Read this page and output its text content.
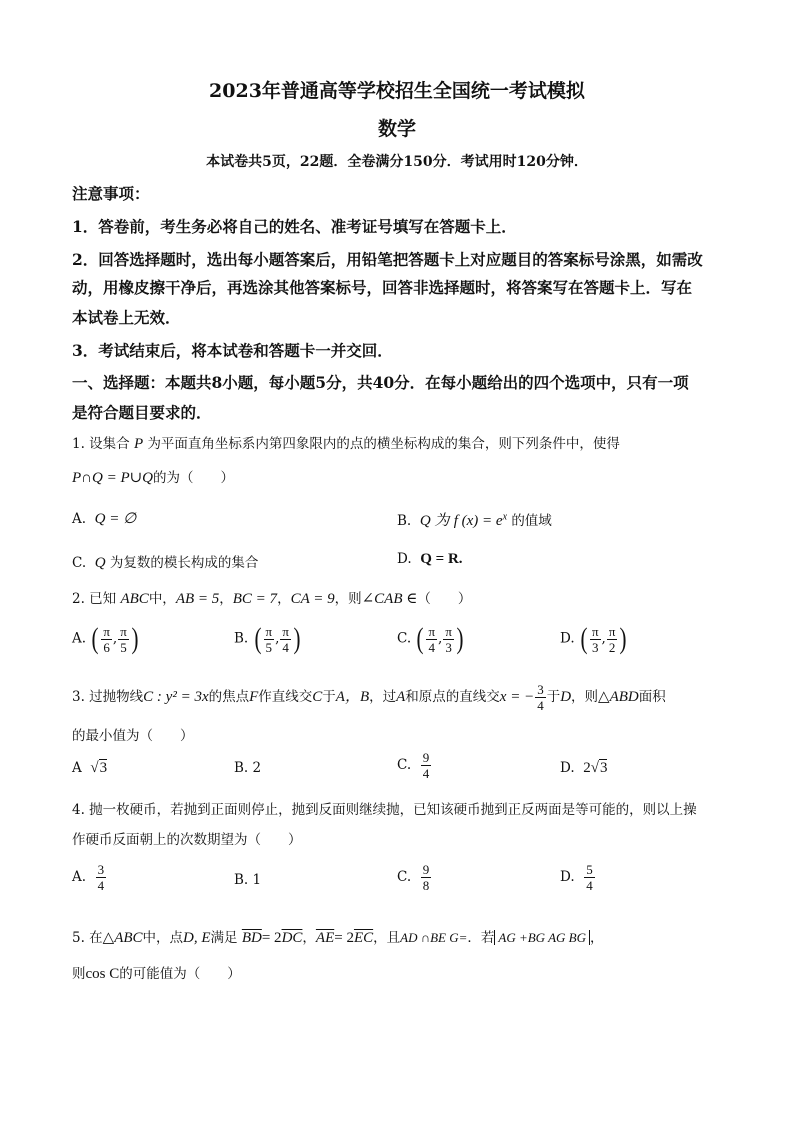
2023年普通高等学校招生全国统一考试模拟
数学
本试卷共5页，22题．全卷满分150分．考试用时120分钟．
注意事项：
1．答卷前，考生务必将自己的姓名、准考证号填写在答题卡上．
2．回答选择题时，选出每小题答案后，用铅笔把答题卡上对应题目的答案标号涂黑，如需改
动，用橡皮擦干净后，再选涂其他答案标号，回答非选择题时，将答案写在答题卡上．写在
本试卷上无效．
3．考试结束后，将本试卷和答题卡一并交回．
一、选择题：本题共8小题，每小题5分，共40分．在每小题给出的四个选项中，只有一项
是符合题目要求的．
1. 设集合 P 为平面直角坐标系内第四象限内的点的横坐标构成的集合，则下列条件中，使得
P∩Q = P∪Q的为（　　）
A. Q = ∅	B. Q 为 f $(x) = e^x$ 的值域
C. Q 为复数的模长构成的集合	D. Q = R.
2. 已知 ABC中，AB = 5，BC = 7，CA = 9，则∠CAB ∈（　　）
A. ( $\frac{\pi}{6}$ , $\frac{\pi}{5}$ )	B. ( $\frac{\pi}{5}$ , $\frac{\pi}{4}$ )	C. ( $\frac{\pi}{4}$ , $\frac{\pi}{3}$ )	D. ( $\frac{\pi}{3}$ , $\frac{\pi}{2}$ )
3. 过抛物线C : y² = 3x的焦点F作直线交C于A，B，过A和原点的直线交x = − $\frac{3}{4}$ 于D，则△ABD面积
的最小值为（　　）
A √3	B. 2	C. $\frac{9}{4}$	D. 2√3
4. 抛一枚硬币，若抛到正面则停止，抛到反面则继续抛，已知该硬币抛到正反两面是等可能的，则以上操
作硬币反面朝上的次数期望为（　　）
A. $\frac{3}{4}$	B. 1	C. $\frac{9}{8}$	D. $\frac{5}{4}$
5. 在△ABC中，点D, E满足 $\overline{BD}= 2\overline{DC}$，$\overline{AE}= 2\overline{EC}$，且AD ∩BE G=．若 AG +BG AG BG ，
则cos C的可能值为（　　）
